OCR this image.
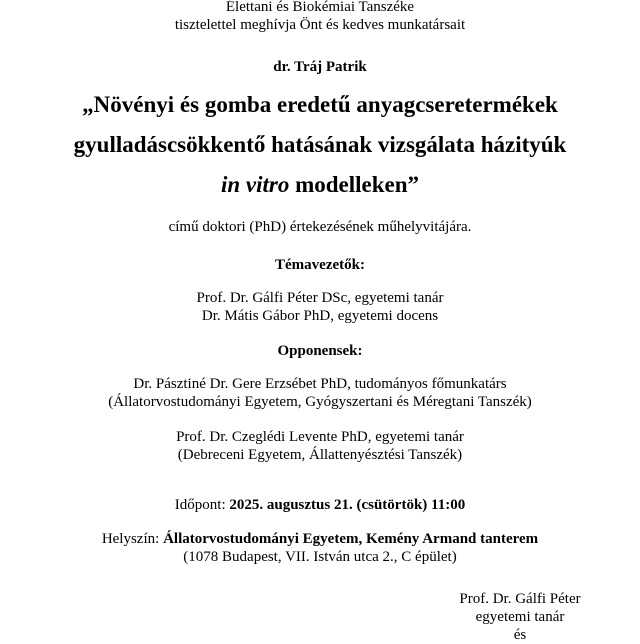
Élettani és Biokémiai Tanszéke
tisztelettel meghívja Önt és kedves munkatársait
dr. Tráj Patrik
„Növényi és gomba eredetű anyagcseretermékek
gyulladáscsökkentő hatásának vizsgálata házityúk
in vitro modelleken”
című doktori (PhD) értekezésének műhelyvitájára.
Témavezetők:
Prof. Dr. Gálfi Péter DSc, egyetemi tanár
Dr. Mátis Gábor PhD, egyetemi docens
Opponensek:
Dr. Pásztiné Dr. Gere Erzsébet PhD, tudományos főmunkatárs
(Állatorvostudományi Egyetem, Gyógyszertani és Méregtani Tanszék)
Prof. Dr. Czeglédi Levente PhD, egyetemi tanár
(Debreceni Egyetem, Állattenyésztési Tanszék)
Időpont: 2025. augusztus 21. (csütörtök) 11:00
Helyszín: Állatorvostudományi Egyetem, Kemény Armand tanterem
(1078 Budapest, VII. István utca 2., C épület)
Prof. Dr. Gálfi Péter
egyetemi tanár
és
